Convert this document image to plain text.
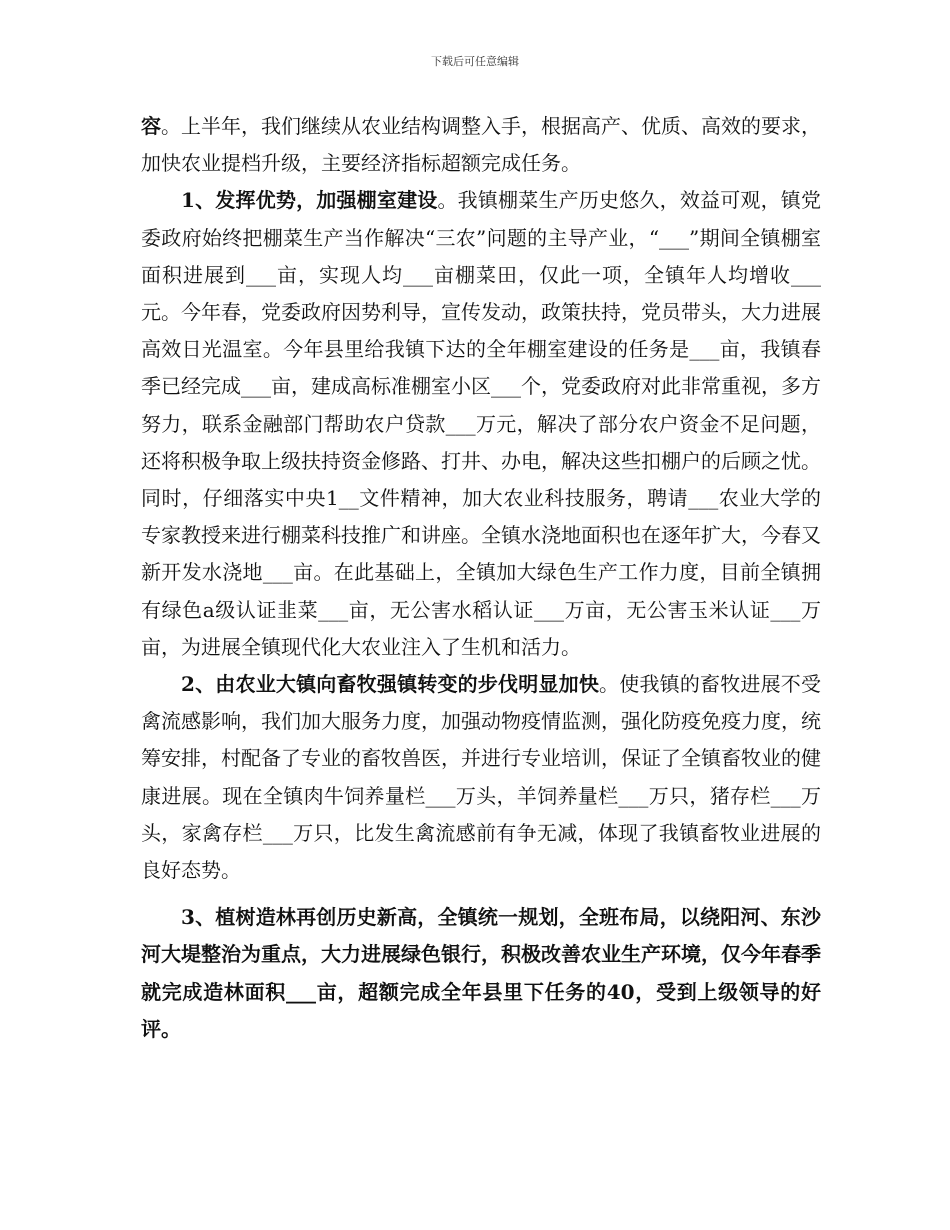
下载后可任意编辑

容。上半年，我们继续从农业结构调整入手，根据高产、优质、高效的要求，加快农业提档升级，主要经济指标超额完成任务。

1、发挥优势，加强棚室建设。我镇棚菜生产历史悠久，效益可观，镇党委政府始终把棚菜生产当作解决“三农”问题的主导产业，“___”期间全镇棚室面积进展到___亩，实现人均___亩棚菜田，仅此一项，全镇年人均增收___元。今年春，党委政府因势利导，宣传发动，政策扶持，党员带头，大力进展高效日光温室。今年县里给我镇下达的全年棚室建设的任务是___亩，我镇春季已经完成___亩，建成高标准棚室小区___个，党委政府对此非常重视，多方努力，联系金融部门帮助农户贷款___万元，解决了部分农户资金不足问题，还将积极争取上级扶持资金修路、打井、办电，解决这些扣棚户的后顾之忧。同时，仔细落实中央1__文件精神，加大农业科技服务，聘请___农业大学的专家教授来进行棚菜科技推广和讲座。全镇水浇地面积也在逐年扩大，今春又新开发水浇地___亩。在此基础上，全镇加大绿色生产工作力度，目前全镇拥有绿色a级认证韭菜___亩，无公害水稻认证___万亩，无公害玉米认证___万亩，为进展全镇现代化大农业注入了生机和活力。

2、由农业大镇向畜牧强镇转变的步伐明显加快。使我镇的畜牧进展不受禽流感影响，我们加大服务力度，加强动物疫情监测，强化防疫免疫力度，统筹安排，村配备了专业的畜牧兽医，并进行专业培训，保证了全镇畜牧业的健康进展。现在全镇肉牛饲养量栏___万头，羊饲养量栏___万只，猪存栏___万头，家禽存栏___万只，比发生禽流感前有争无减，体现了我镇畜牧业进展的良好态势。

3、植树造林再创历史新高，全镇统一规划，全班布局，以绕阳河、东沙河大堤整治为重点，大力进展绿色银行，积极改善农业生产环境，仅今年春季就完成造林面积___亩，超额完成全年县里下任务的40，受到上级领导的好评。
